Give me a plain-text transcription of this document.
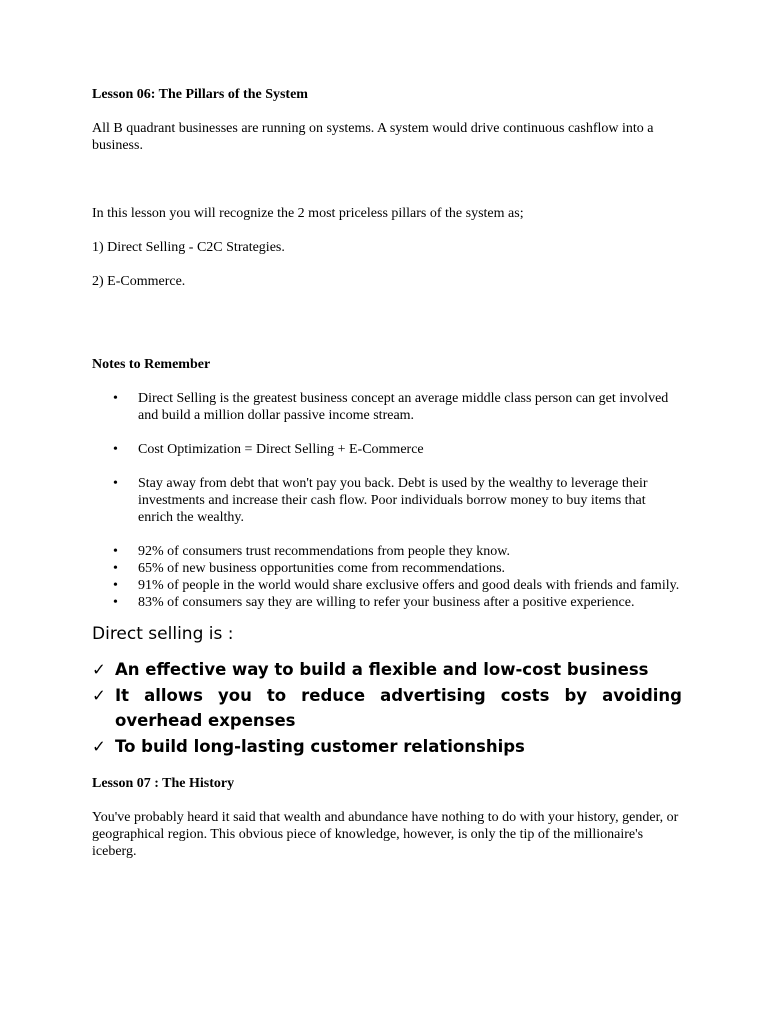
Lesson 06: The Pillars of the System

All B quadrant businesses are running on systems. A system would drive continuous cashflow into a business.

In this lesson you will recognize the 2 most priceless pillars of the system as;

1) Direct Selling - C2C Strategies.

2) E-Commerce.

Notes to Remember

• Direct Selling is the greatest business concept an average middle class person can get involved and build a million dollar passive income stream.
• Cost Optimization = Direct Selling + E-Commerce
• Stay away from debt that won't pay you back. Debt is used by the wealthy to leverage their investments and increase their cash flow. Poor individuals borrow money to buy items that enrich the wealthy.
• 92% of consumers trust recommendations from people they know.
• 65% of new business opportunities come from recommendations.
• 91% of people in the world would share exclusive offers and good deals with friends and family.
• 83% of consumers say they are willing to refer your business after a positive experience.

Direct selling is :

✓ An effective way to build a flexible and low-cost business
✓ It allows you to reduce advertising costs by avoiding overhead expenses
✓ To build long-lasting customer relationships

Lesson 07 : The History

You've probably heard it said that wealth and abundance have nothing to do with your history, gender, or geographical region. This obvious piece of knowledge, however, is only the tip of the millionaire's iceberg.
